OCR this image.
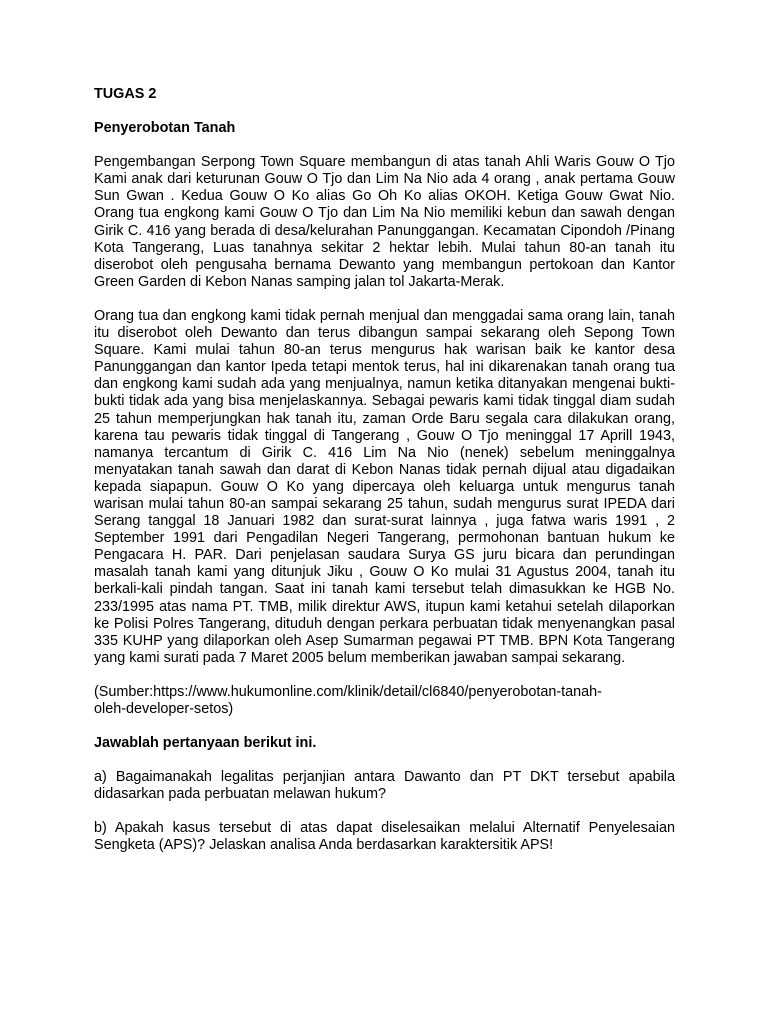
TUGAS 2

Penyerobotan Tanah

Pengembangan Serpong Town Square membangun di atas tanah Ahli Waris Gouw O Tjo Kami anak dari keturunan Gouw O Tjo dan Lim Na Nio ada 4 orang , anak pertama Gouw Sun Gwan . Kedua Gouw O Ko alias Go Oh Ko alias OKOH. Ketiga Gouw Gwat Nio. Orang tua engkong kami Gouw O Tjo dan Lim Na Nio memiliki kebun dan sawah dengan Girik C. 416 yang berada di desa/kelurahan Panunggangan. Kecamatan Cipondoh /Pinang Kota Tangerang, Luas tanahnya sekitar 2 hektar lebih. Mulai tahun 80-an tanah itu diserobot oleh pengusaha bernama Dewanto yang membangun pertokoan dan Kantor Green Garden di Kebon Nanas samping jalan tol Jakarta-Merak.

Orang tua dan engkong kami tidak pernah menjual dan menggadai sama orang lain, tanah itu diserobot oleh Dewanto dan terus dibangun sampai sekarang oleh Sepong Town Square. Kami mulai tahun 80-an terus mengurus hak warisan baik ke kantor desa Panunggangan dan kantor Ipeda tetapi mentok terus, hal ini dikarenakan tanah orang tua dan engkong kami sudah ada yang menjualnya, namun ketika ditanyakan mengenai bukti-bukti tidak ada yang bisa menjelaskannya. Sebagai pewaris kami tidak tinggal diam sudah 25 tahun memperjungkan hak tanah itu, zaman Orde Baru segala cara dilakukan orang, karena tau pewaris tidak tinggal di Tangerang , Gouw O Tjo meninggal 17 Aprill 1943, namanya tercantum di Girik C. 416 Lim Na Nio (nenek) sebelum meninggalnya menyatakan tanah sawah dan darat di Kebon Nanas tidak pernah dijual atau digadaikan kepada siapapun. Gouw O Ko yang dipercaya oleh keluarga untuk mengurus tanah warisan mulai tahun 80-an sampai sekarang 25 tahun, sudah mengurus surat IPEDA dari Serang tanggal 18 Januari 1982 dan surat-surat lainnya , juga fatwa waris 1991 , 2 September 1991 dari Pengadilan Negeri Tangerang, permohonan bantuan hukum ke Pengacara H. PAR. Dari penjelasan saudara Surya GS juru bicara dan perundingan masalah tanah kami yang ditunjuk Jiku , Gouw O Ko mulai 31 Agustus 2004, tanah itu berkali-kali pindah tangan. Saat ini tanah kami tersebut telah dimasukkan ke HGB No. 233/1995 atas nama PT. TMB, milik direktur AWS, itupun kami ketahui setelah dilaporkan ke Polisi Polres Tangerang, dituduh dengan perkara perbuatan tidak menyenangkan pasal 335 KUHP yang dilaporkan oleh Asep Sumarman pegawai PT TMB. BPN Kota Tangerang yang kami surati pada 7 Maret 2005 belum memberikan jawaban sampai sekarang.

(Sumber:https://www.hukumonline.com/klinik/detail/cl6840/penyerobotan-tanah-

oleh-developer-setos)

Jawablah pertanyaan berikut ini.

a) Bagaimanakah legalitas perjanjian antara Dawanto dan PT DKT tersebut apabila didasarkan pada perbuatan melawan hukum?

b) Apakah kasus tersebut di atas dapat diselesaikan melalui Alternatif Penyelesaian Sengketa (APS)? Jelaskan analisa Anda berdasarkan karaktersitik APS!
